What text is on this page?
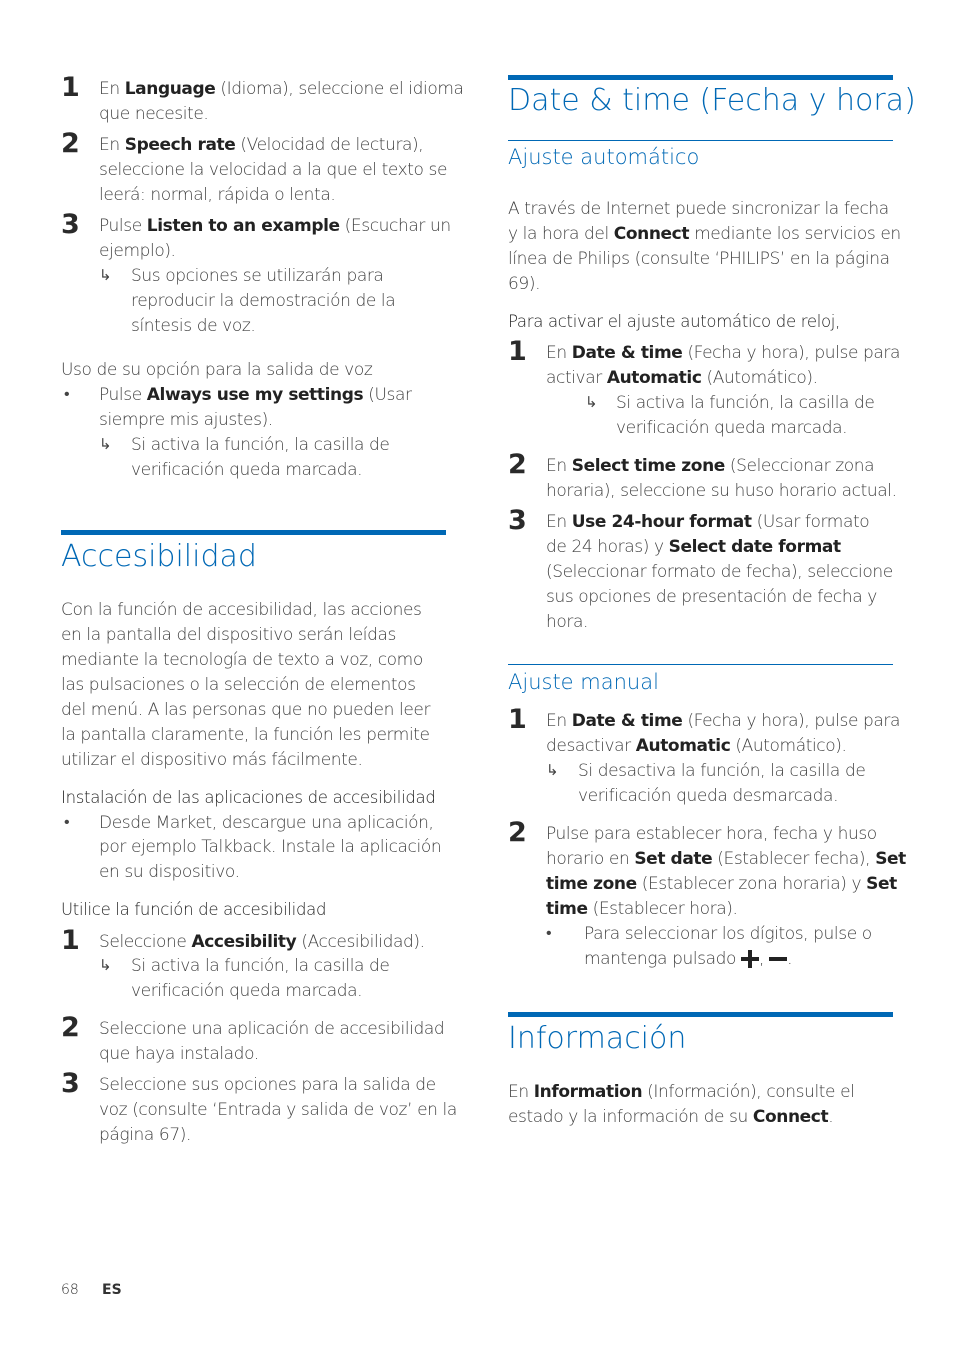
1 En Language (Idioma), seleccione el idioma
que necesite.
2 En Speech rate (Velocidad de lectura),
seleccione la velocidad a la que el texto se
leerá: normal, rápida o lenta.
3 Pulse Listen to an example (Escuchar un
ejemplo).
↳ Sus opciones se utilizarán para
reproducir la demostración de la
síntesis de voz.
Uso de su opción para la salida de voz
• Pulse Always use my settings (Usar
siempre mis ajustes).
↳ Si activa la función, la casilla de
verificación queda marcada.
Accesibilidad
Con la función de accesibilidad, las acciones
en la pantalla del dispositivo serán leídas
mediante la tecnología de texto a voz, como
las pulsaciones o la selección de elementos
del menú. A las personas que no pueden leer
la pantalla claramente, la función les permite
utilizar el dispositivo más fácilmente.
Instalación de las aplicaciones de accesibilidad
• Desde Market, descargue una aplicación,
por ejemplo Talkback. Instale la aplicación
en su dispositivo.
Utilice la función de accesibilidad
1 Seleccione Accesibility (Accesibilidad).
↳ Si activa la función, la casilla de
verificación queda marcada.
2 Seleccione una aplicación de accesibilidad
que haya instalado.
3 Seleccione sus opciones para la salida de
voz (consulte ‘Entrada y salida de voz’ en la
página 67).
Date & time (Fecha y hora)
Ajuste automático
A través de Internet puede sincronizar la fecha
y la hora del Connect mediante los servicios en
línea de Philips (consulte ‘PHILIPS’ en la página
69).
Para activar el ajuste automático de reloj,
1 En Date & time (Fecha y hora), pulse para
activar Automatic (Automático).
↳ Si activa la función, la casilla de
verificación queda marcada.
2 En Select time zone (Seleccionar zona
horaria), seleccione su huso horario actual.
3 En Use 24-hour format (Usar formato
de 24 horas) y Select date format
(Seleccionar formato de fecha), seleccione
sus opciones de presentación de fecha y
hora.
Ajuste manual
1 En Date & time (Fecha y hora), pulse para
desactivar Automatic (Automático).
↳ Si desactiva la función, la casilla de
verificación queda desmarcada.
2 Pulse para establecer hora, fecha y huso
horario en Set date (Establecer fecha), Set
time zone (Establecer zona horaria) y Set
time (Establecer hora).
• Para seleccionar los dígitos, pulse o
mantenga pulsado , .
Información
En Information (Información), consulte el
estado y la información de su Connect.
68 ES
